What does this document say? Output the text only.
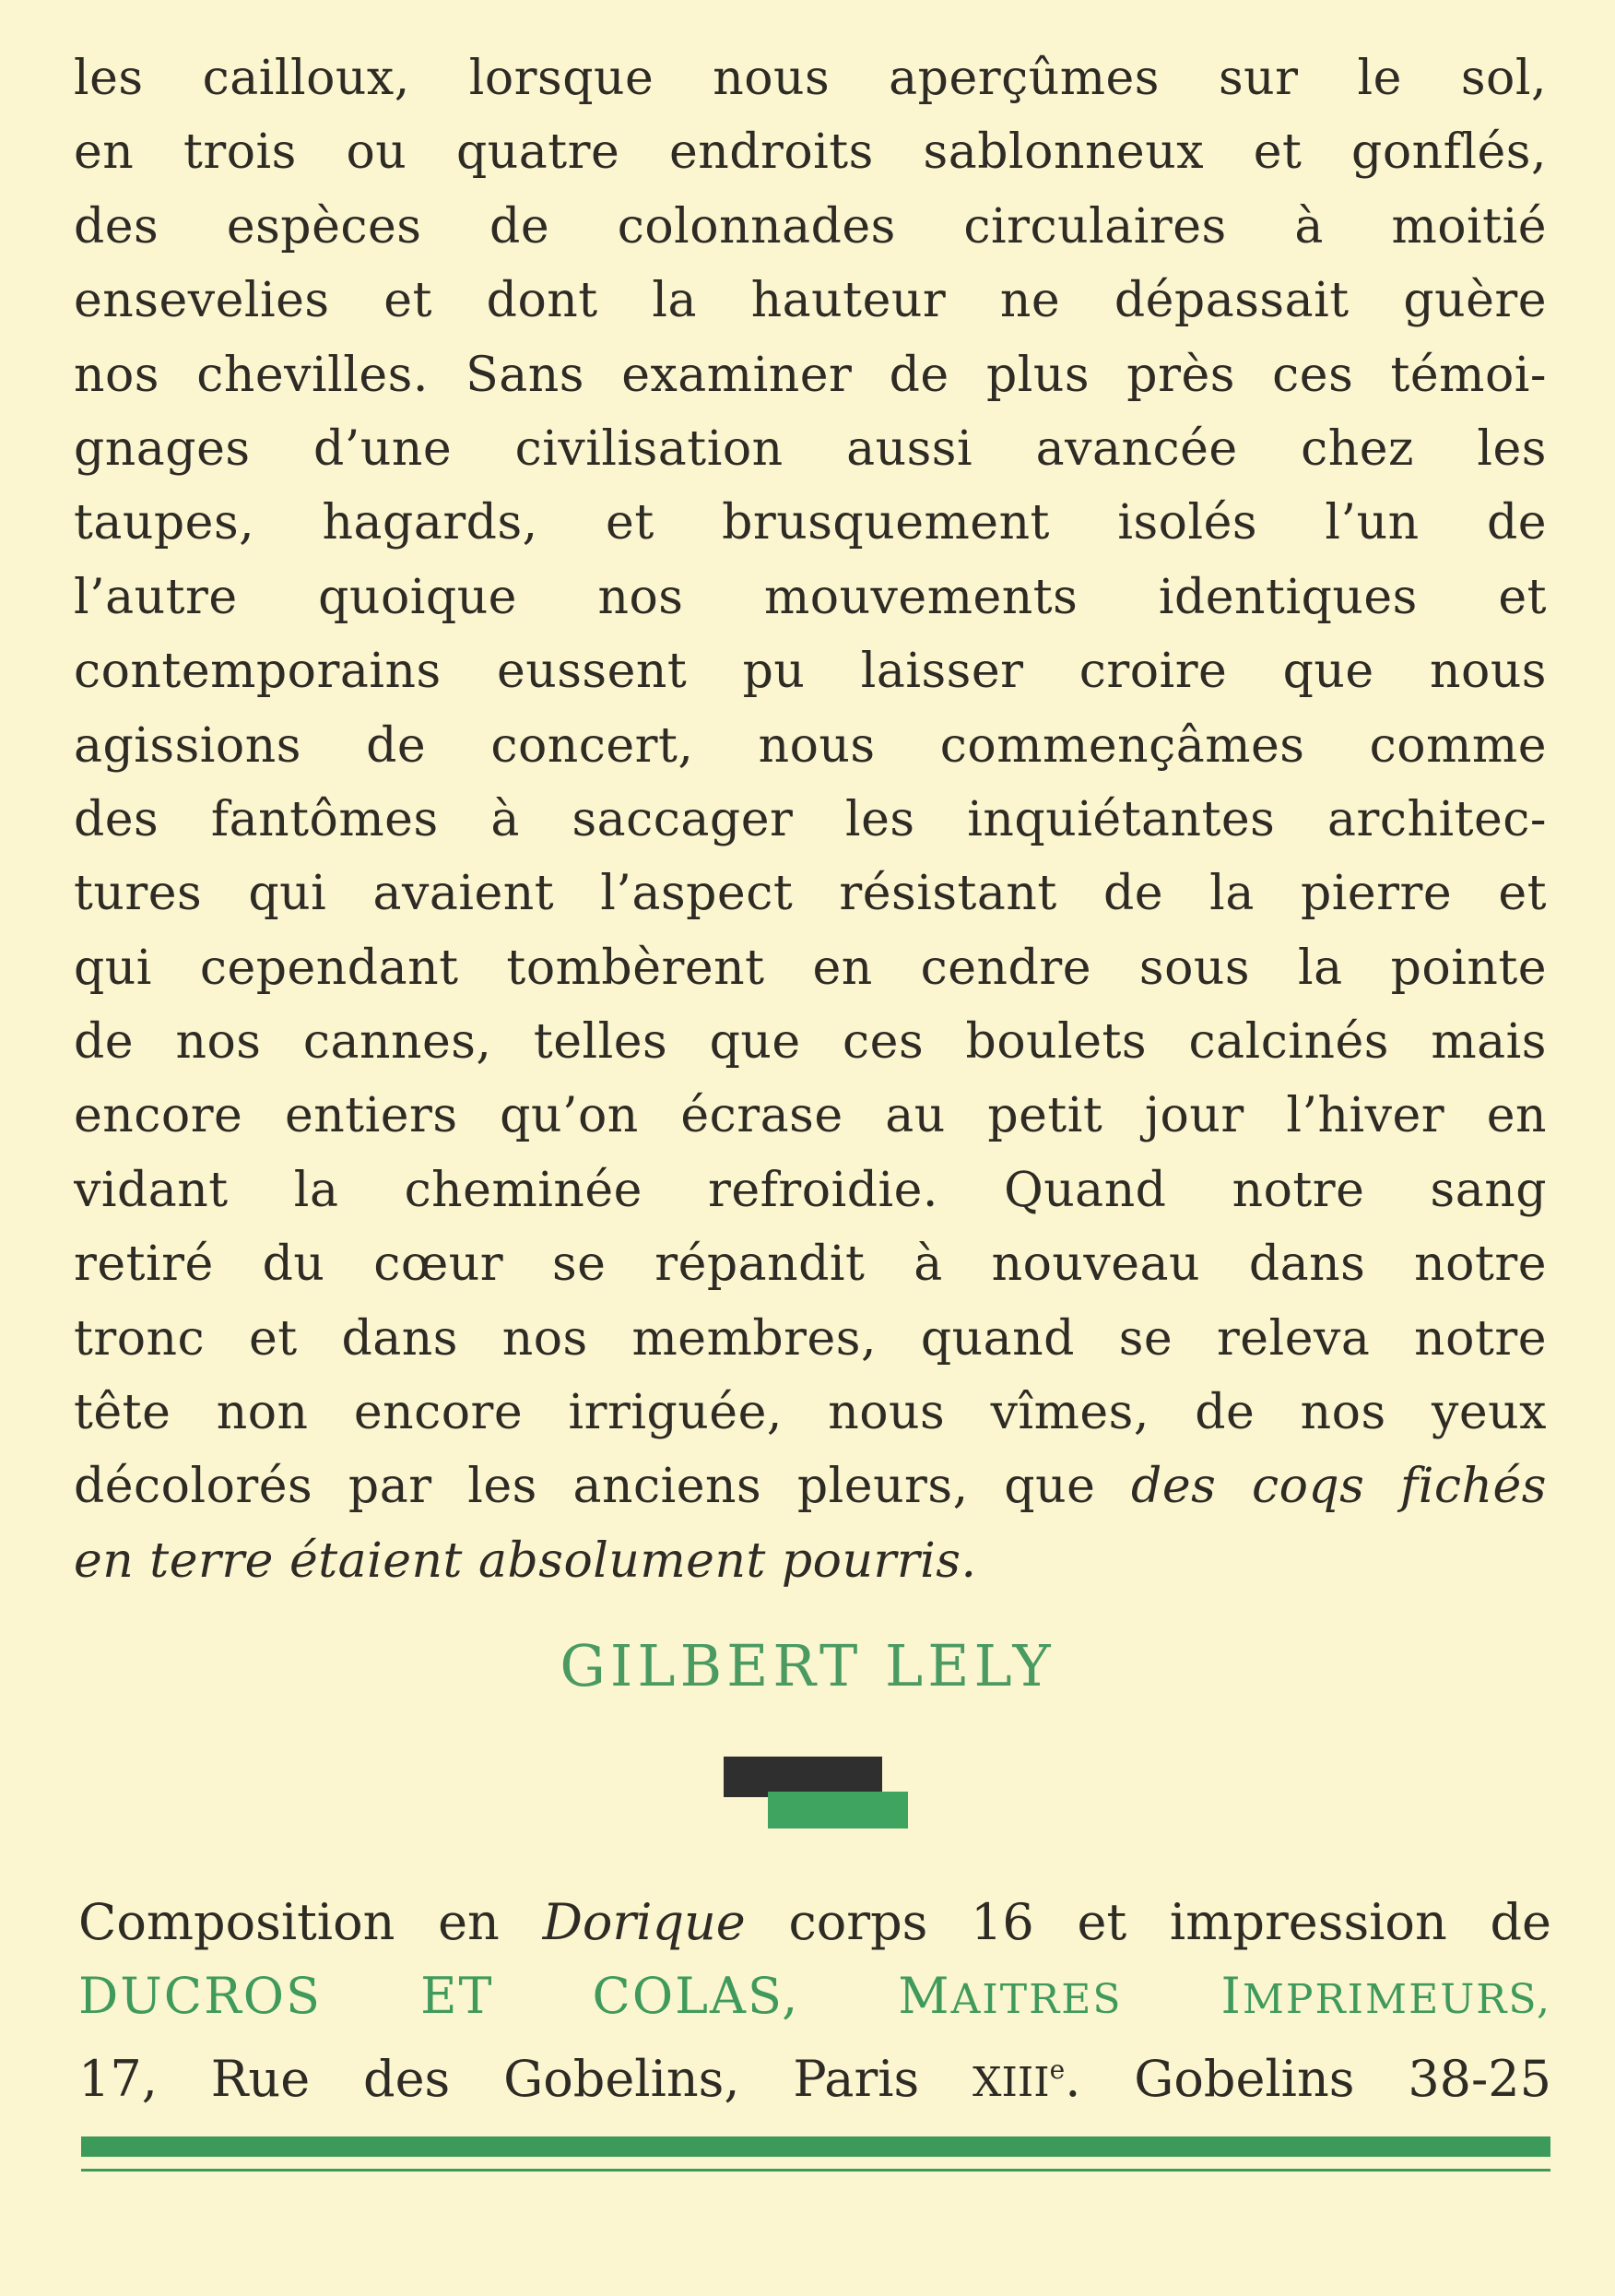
les cailloux, lorsque nous aperçûmes sur le sol,
en trois ou quatre endroits sablonneux et gonflés,
des espèces de colonnades circulaires à moitié
ensevelies et dont la hauteur ne dépassait guère
nos chevilles. Sans examiner de plus près ces témoi-
gnages d’une civilisation aussi avancée chez les
taupes, hagards, et brusquement isolés l’un de
l’autre quoique nos mouvements identiques et
contemporains eussent pu laisser croire que nous
agissions de concert, nous commençâmes comme
des fantômes à saccager les inquiétantes architec-
tures qui avaient l’aspect résistant de la pierre et
qui cependant tombèrent en cendre sous la pointe
de nos cannes, telles que ces boulets calcinés mais
encore entiers qu’on écrase au petit jour l’hiver en
vidant la cheminée refroidie. Quand notre sang
retiré du cœur se répandit à nouveau dans notre
tronc et dans nos membres, quand se releva notre
tête non encore irriguée, nous vîmes, de nos yeux
décolorés par les anciens pleurs, que des coqs fichés
en terre étaient absolument pourris.
GILBERT LELY
Composition en Dorique corps 16 et impression de
DUCROS ET COLAS, MAITRES IMPRIMEURS,
17, Rue des Gobelins, Paris XIIIe. Gobelins 38-25
